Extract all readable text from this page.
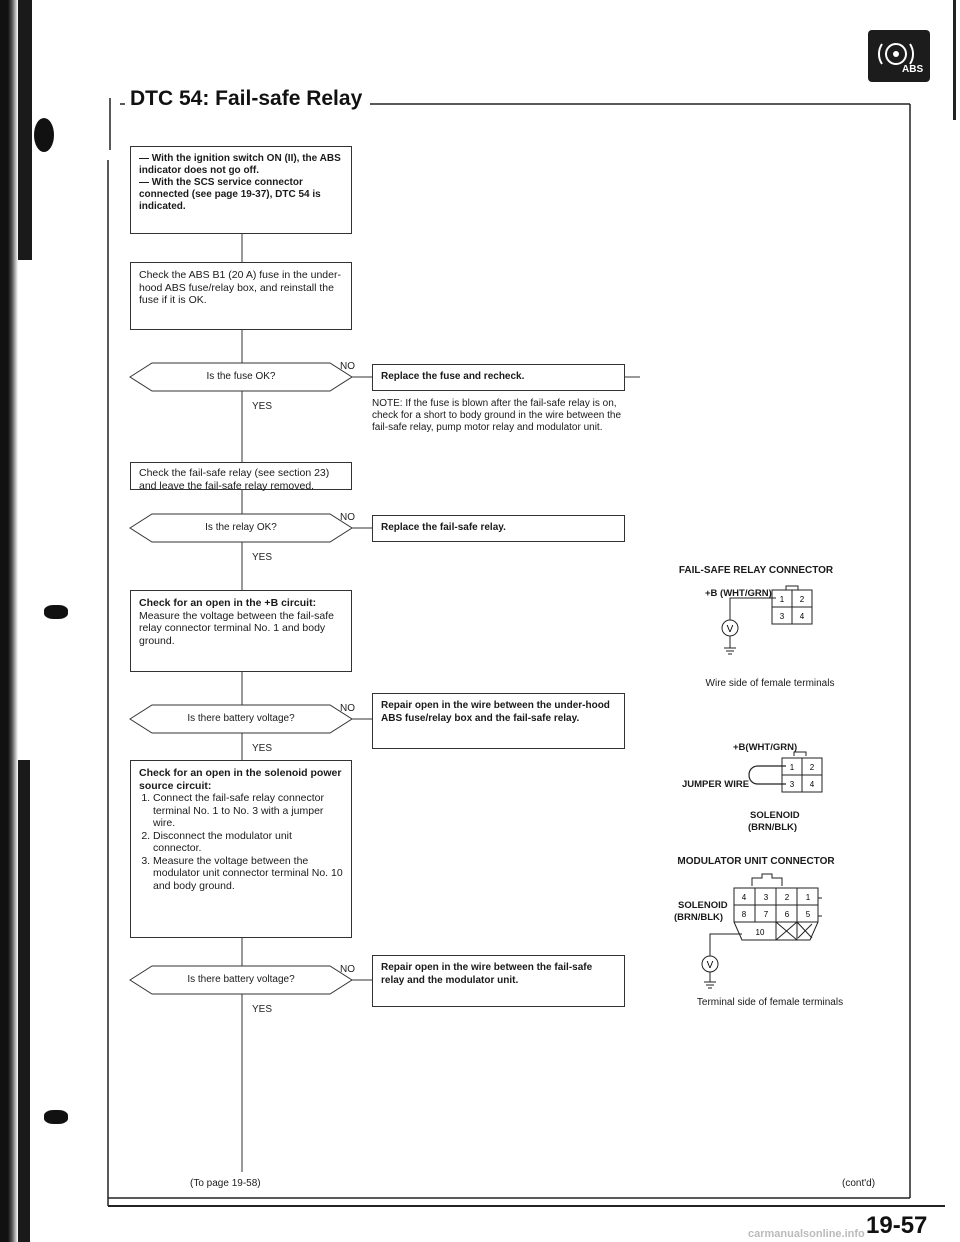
ABS
DTC 54: Fail-safe Relay
— With the ignition switch ON (II), the ABS indicator does not go off.
— With the SCS service connector connected (see page 19-37), DTC 54 is indicated.
Check the ABS B1 (20 A) fuse in the under-hood ABS fuse/relay box, and reinstall the fuse if it is OK.
Is the fuse OK?
NO
Replace the fuse and recheck.
YES	NOTE: If the fuse is blown after the fail-safe relay is on, check for a short to body ground in the wire between the fail-safe relay, pump motor relay and modulator unit.
Check the fail-safe relay (see section 23) and leave the fail-safe relay removed.
Is the relay OK?
NO
Replace the fail-safe relay.
YES
Check for an open in the +B circuit:
Measure the voltage between the fail-safe relay connector terminal No. 1 and body ground.
Is there battery voltage?
NO	Repair open in the wire between the under-hood ABS fuse/relay box and the fail-safe relay.
YES
Check for an open in the solenoid power source circuit:
1. Connect the fail-safe relay connector terminal No. 1 to No. 3 with a jumper wire.
2. Disconnect the modulator unit connector.
3. Measure the voltage between the modulator unit connector terminal No. 10 and body ground.
Is there battery voltage?
NO	Repair open in the wire between the fail-safe relay and the modulator unit.
YES
(To page 19-58)
FAIL-SAFE RELAY CONNECTOR
+B (WHT/GRN)
1 2
3 4
V
Wire side of female terminals
+B(WHT/GRN)
JUMPER WIRE
1 2
3 4
SOLENOID
(BRN/BLK)
MODULATOR UNIT CONNECTOR
SOLENOID
(BRN/BLK)
4 3 2 1
8 7 6 5
10
V
Terminal side of female terminals
(cont'd)
19-57
carmanualsonline.info
